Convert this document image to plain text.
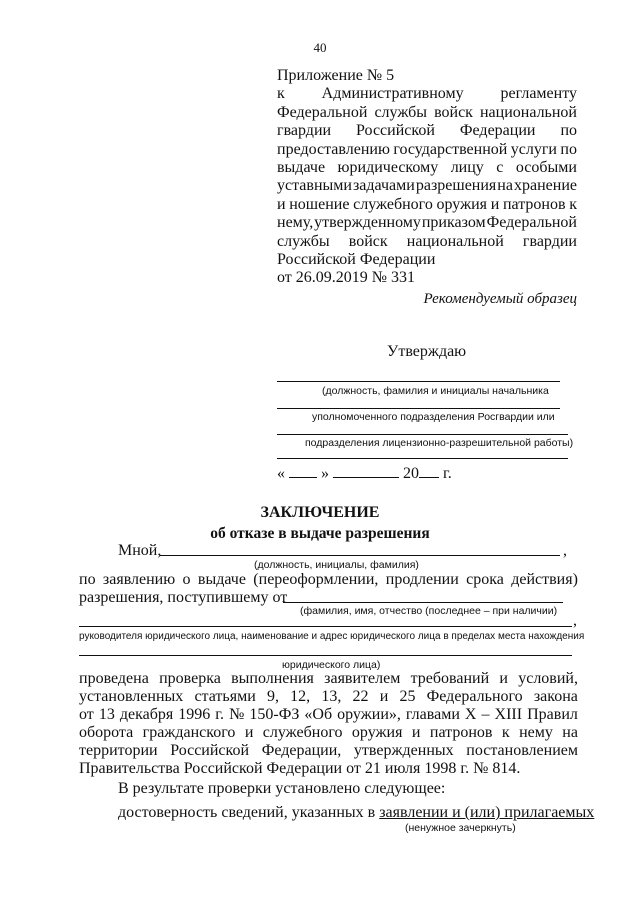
40
Приложение № 5
к Административному регламенту
Федеральной службы войск национальной
гвардии Российской Федерации по
предоставлению государственной услуги по
выдаче юридическому лицу с особыми
уставными задачами разрешения на хранение
и ношение служебного оружия и патронов к
нему, утвержденному приказом Федеральной
службы войск национальной гвардии
Российской Федерации
от 26.09.2019 № 331
Рекомендуемый образец
Утверждаю
(должность, фамилия и инициалы начальника
уполномоченного подразделения Росгвардии или
подразделения лицензионно-разрешительной работы)
« »	20 г.
ЗАКЛЮЧЕНИЕ
об отказе в выдаче разрешения
Мной,	,
(должность, инициалы, фамилия)
по заявлению о выдаче (переоформлении, продлении срока действия)
разрешения, поступившему от
(фамилия, имя, отчество (последнее – при наличии)
,
руководителя юридического лица, наименование и адрес юридического лица в пределах места нахождения
юридического лица)
проведена проверка выполнения заявителем требований и условий,
установленных статьями 9, 12, 13, 22 и 25 Федерального закона
от 13 декабря 1996 г. № 150-ФЗ «Об оружии», главами X – XIII Правил
оборота гражданского и служебного оружия и патронов к нему на
территории Российской Федерации, утвержденных постановлением
Правительства Российской Федерации от 21 июля 1998 г. № 814.
В результате проверки установлено следующее:
достоверность сведений, указанных в заявлении и (или) прилагаемых
(ненужное зачеркнуть)
